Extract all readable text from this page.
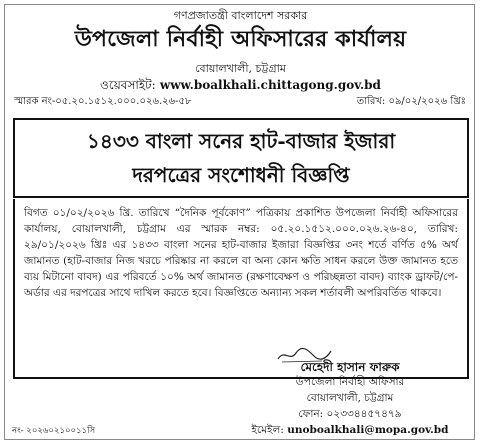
গণপ্রজাতন্ত্রী বাংলাদেশ সরকার
উপজেলা নির্বাহী অফিসারের কার্যালয়
বোয়ালখালী, চট্টগ্রাম
ওয়েবসাইট: www.boalkhali.chittagong.gov.bd
স্মারক নং-০৫.২০.১৫১২.০০০.০২৬.২৬-৫৮	তারিখ: ০৯/০২/২০২৬ খ্রিঃ
১৪৩৩ বাংলা সনের হাট-বাজার ইজারা
দরপত্রের সংশোধনী বিজ্ঞপ্তি
বিগত ০১/০২/২০২৬ খ্রি. তারিখে “দৈনিক পূর্বকোণ” পত্রিকায় প্রকাশিত উপজেলা নির্বাহী অফিসারের কার্যালয়, বোয়ালখালী, চট্টগ্রাম এর স্মারক নম্বর: ০৫.২০.১৫১২.০০০.০২৬.২৬-৪০, তারিখ: ২৯/০১/২০২৬ খ্রিঃ এর ১৪৩৩ বাংলা সনের হাট-বাজার ইজারা বিজ্ঞপ্তির ৩নং শর্তে বর্ণিত ৫% অর্থ জামানত (হাট-বাজার নিজ খরচে পরিষ্কার না করলে বা অন্য কোন ক্ষতি সাধন করলে উক্ত জামানত হতে ব্যয় মিটানো বাবদ) এর পরিবর্তে ১০% অর্থ জামানত (রক্ষণাবেক্ষণ ও পরিচ্ছন্নতা বাবদ) ব্যাংক ড্রাফট/পে-অর্ডার এর দরপত্রের সাথে দাখিল করতে হবে। বিজ্ঞপ্তিতে অন্যান্য সকল শর্তাবলী অপরিবর্তিত থাকবে।
মেহেদী হাসান ফারুক
উপজেলা নির্বাহী অফিসার
বোয়ালখালী, চট্টগ্রাম
ফোন: ০২৩৩৪৪৫৭৪৭৯
ইমেইল: unoboalkhali@mopa.gov.bd
নং- ২০২৬০২১০০১১সি
